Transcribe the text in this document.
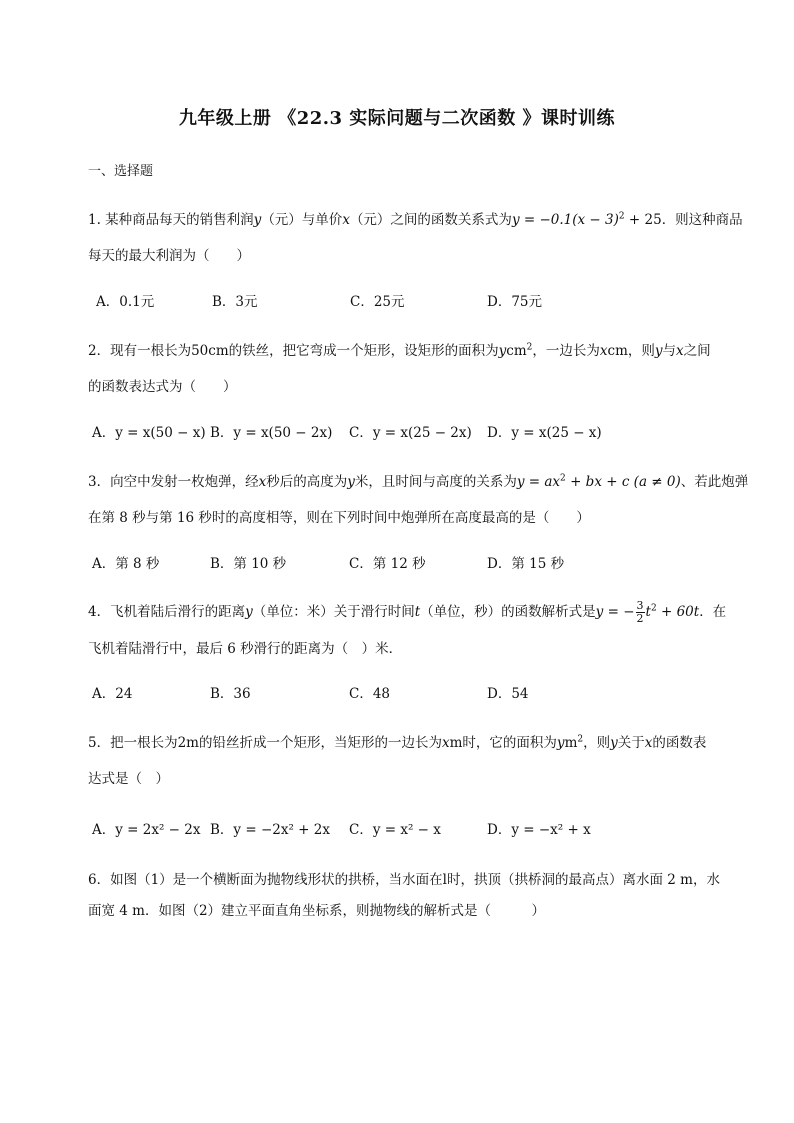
九年级上册 《22.3 实际问题与二次函数 》课时训练
一、选择题
1. 某种商品每天的销售利润y（元）与单价x（元）之间的函数关系式为$y = -0.1(x - 3)^2 + 25$．则这种商品
每天的最大利润为（　　）
A．0.1元	B．3元	C．25元	D．75元
2．现有一根长为50cm的铁丝，把它弯成一个矩形，设矩形的面积为ycm$^2$，一边长为xcm，则y与x之间
的函数表达式为（　　）
A．y = x(50 − x) B．y = x(50 − 2x) C．y = x(25 − 2x) D．y = x(25 − x)
3．向空中发射一枚炮弹，经x秒后的高度为y米，且时间与高度的关系为$y = ax^2$ + bx + c (a ≠ 0)、若此炮弹
在第 8 秒与第 16 秒时的高度相等，则在下列时间中炮弹所在高度最高的是（　　）
A．第 8 秒	B．第 10 秒	C．第 12 秒	D．第 15 秒
4．飞机着陆后滑行的距离y（单位：米）关于滑行时间t（单位，秒）的函数解析式是y = − $\frac{3}{2} t^2 + 60t$．在
飞机着陆滑行中，最后 6 秒滑行的距离为（　）米．
A．24	B．36	C．48	D．54
5．把一根长为2m的铅丝折成一个矩形，当矩形的一边长为xm时，它的面积为$ym^2$，则y关于x的函数表
达式是（　）
A．y = 2x² − 2x B．y = −2x² + 2x C．y = x² − x	D．y = −x² + x
6．如图（1）是一个横断面为抛物线形状的拱桥，当水面在l时，拱顶（拱桥洞的最高点）离水面 2 m，水
面宽 4 m．如图（2）建立平面直角坐标系，则抛物线的解析式是（　　　）
